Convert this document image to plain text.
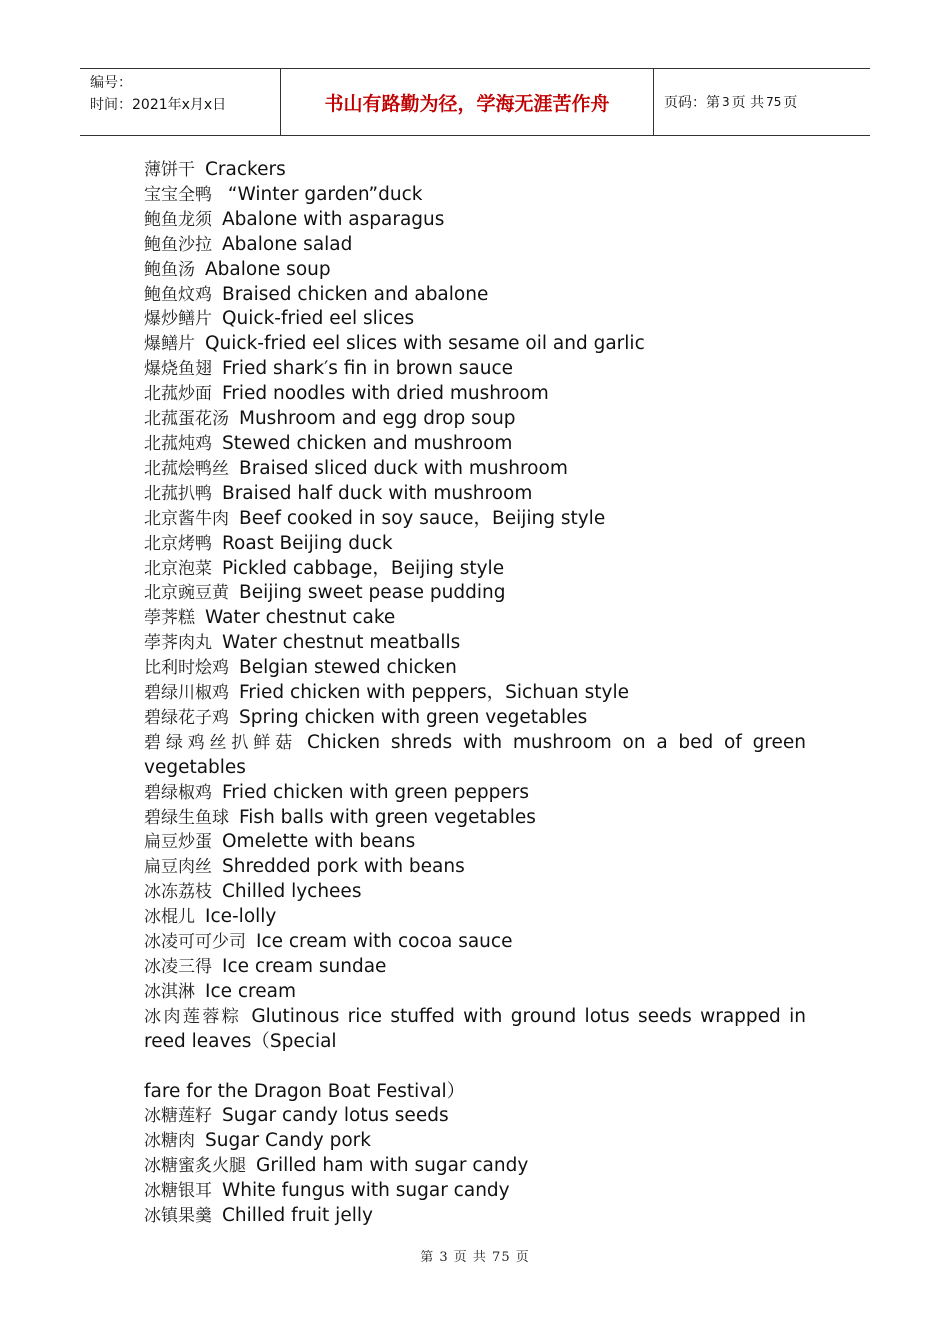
编号：
时间：2021年x月x日	书山有路勤为径，学海无涯苦作舟	页码：第 3 页 共 75 页
薄饼干 Crackers
宝宝全鸭 “Winter garden”duck
鲍鱼龙须 Abalone with asparagus
鲍鱼沙拉 Abalone salad
鲍鱼汤 Abalone soup
鲍鱼炆鸡 Braised chicken and abalone
爆炒鳝片 Quick-fried eel slices
爆鳝片 Quick-fried eel slices with sesame oil and garlic
爆烧鱼翅 Fried shark′s fin in brown sauce
北菰炒面 Fried noodles with dried mushroom
北菰蛋花汤 Mushroom and egg drop soup
北菰炖鸡 Stewed chicken and mushroom
北菰烩鸭丝 Braised sliced duck with mushroom
北菰扒鸭 Braised half duck with mushroom
北京酱牛肉 Beef cooked in soy sauce，Beijing style
北京烤鸭 Roast Beijing duck
北京泡菜 Pickled cabbage，Beijing style
北京豌豆黄 Beijing sweet pease pudding
荸荠糕 Water chestnut cake
荸荠肉丸 Water chestnut meatballs
比利时烩鸡 Belgian stewed chicken
碧绿川椒鸡 Fried chicken with peppers，Sichuan style
碧绿花子鸡 Spring chicken with green vegetables
碧绿鸡丝扒鲜菇 Chicken shreds with mushroom on a bed of green vegetables
碧绿椒鸡 Fried chicken with green peppers
碧绿生鱼球 Fish balls with green vegetables
扁豆炒蛋 Omelette with beans
扁豆肉丝 Shredded pork with beans
冰冻荔枝 Chilled lychees
冰棍儿 Ice-lolly
冰凌可可少司 Ice cream with cocoa sauce
冰凌三得 Ice cream sundae
冰淇淋 Ice cream
冰肉莲蓉粽 Glutinous rice stuffed with ground lotus seeds wrapped in reed leaves（Special
fare for the Dragon Boat Festival）
冰糖莲籽 Sugar candy lotus seeds
冰糖肉 Sugar Candy pork
冰糖蜜炙火腿 Grilled ham with sugar candy
冰糖银耳 White fungus with sugar candy
冰镇果羹 Chilled fruit jelly
第 3 页 共 75 页
